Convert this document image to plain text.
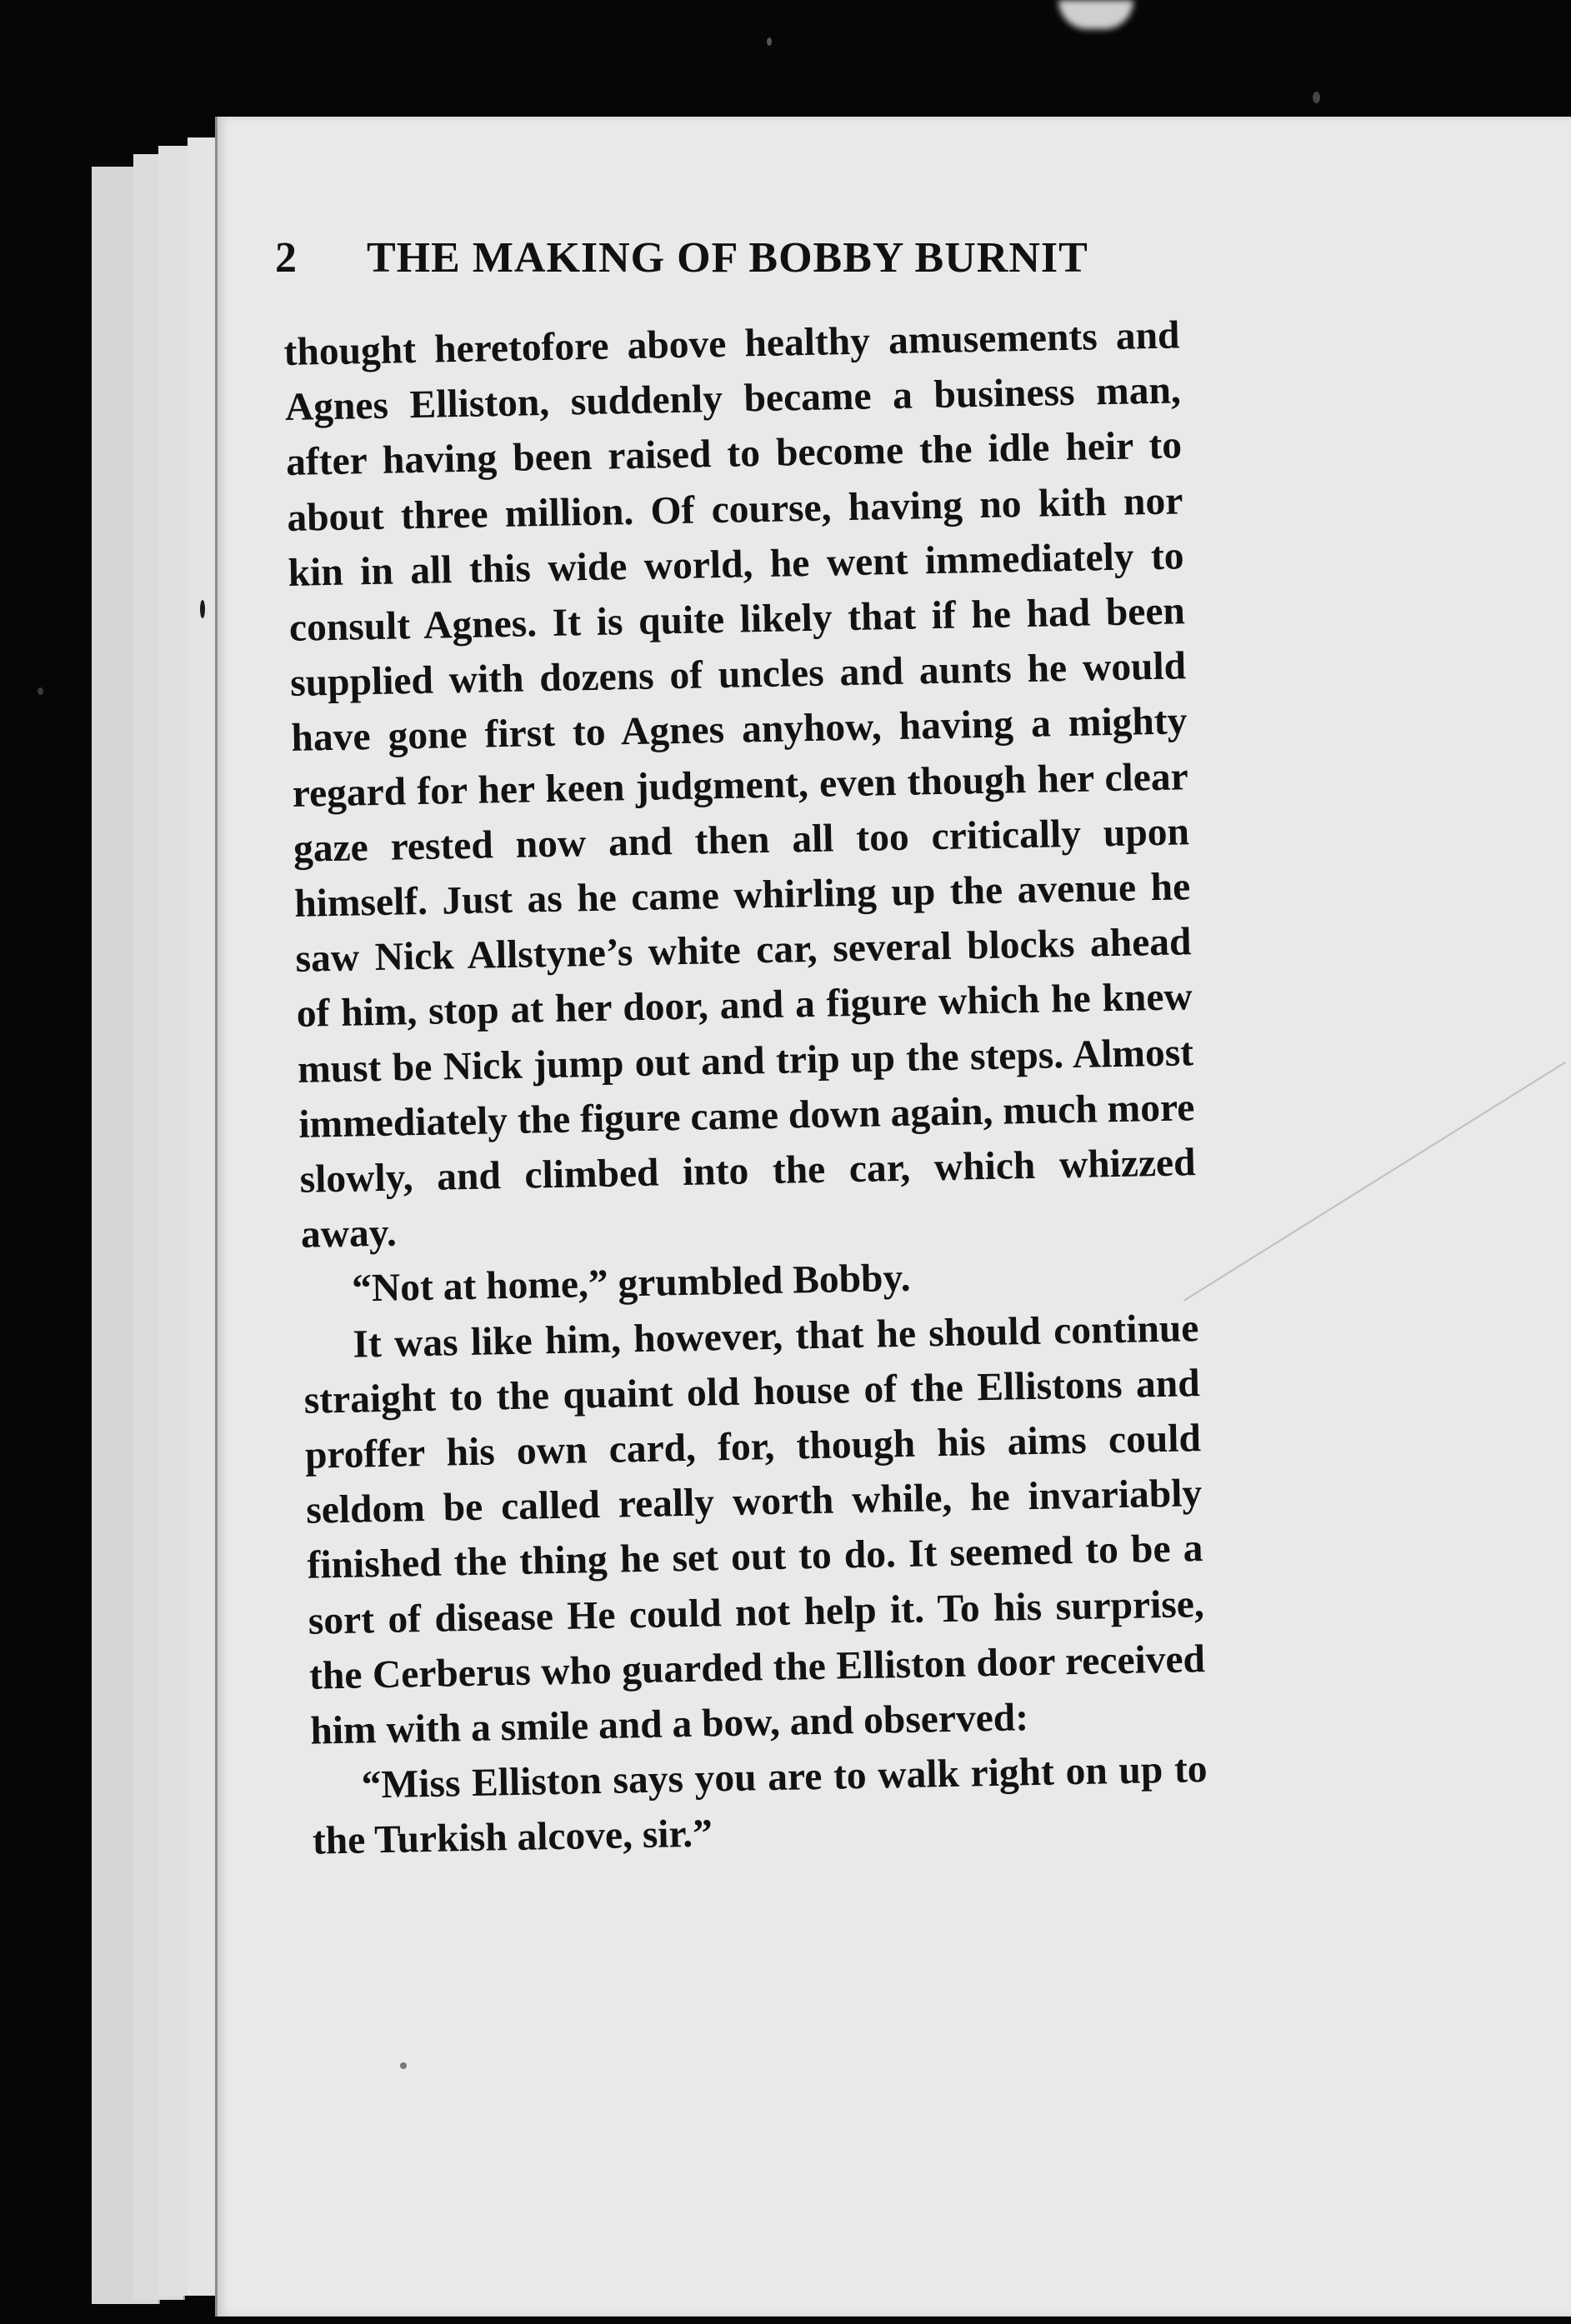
2 THE MAKING OF BOBBY BURNIT

thought heretofore above healthy amusements and Agnes Elliston, suddenly became a business man, after having been raised to become the idle heir to about three million. Of course, having no kith nor kin in all this wide world, he went immediately to consult Agnes. It is quite likely that if he had been supplied with dozens of uncles and aunts he would have gone first to Agnes anyhow, having a mighty regard for her keen judgment, even though her clear gaze rested now and then all too critically upon himself. Just as he came whirling up the avenue he saw Nick Allstyne’s white car, several blocks ahead of him, stop at her door, and a figure which he knew must be Nick jump out and trip up the steps. Almost immediately the figure came down again, much more slowly, and climbed into the car, which whizzed away.

“Not at home,” grumbled Bobby.

It was like him, however, that he should continue straight to the quaint old house of the Ellistons and proffer his own card, for, though his aims could seldom be called really worth while, he invariably finished the thing he set out to do. It seemed to be a sort of disease He could not help it. To his surprise, the Cerberus who guarded the Elliston door received him with a smile and a bow, and observed:

“Miss Elliston says you are to walk right on up to the Turkish alcove, sir.”
